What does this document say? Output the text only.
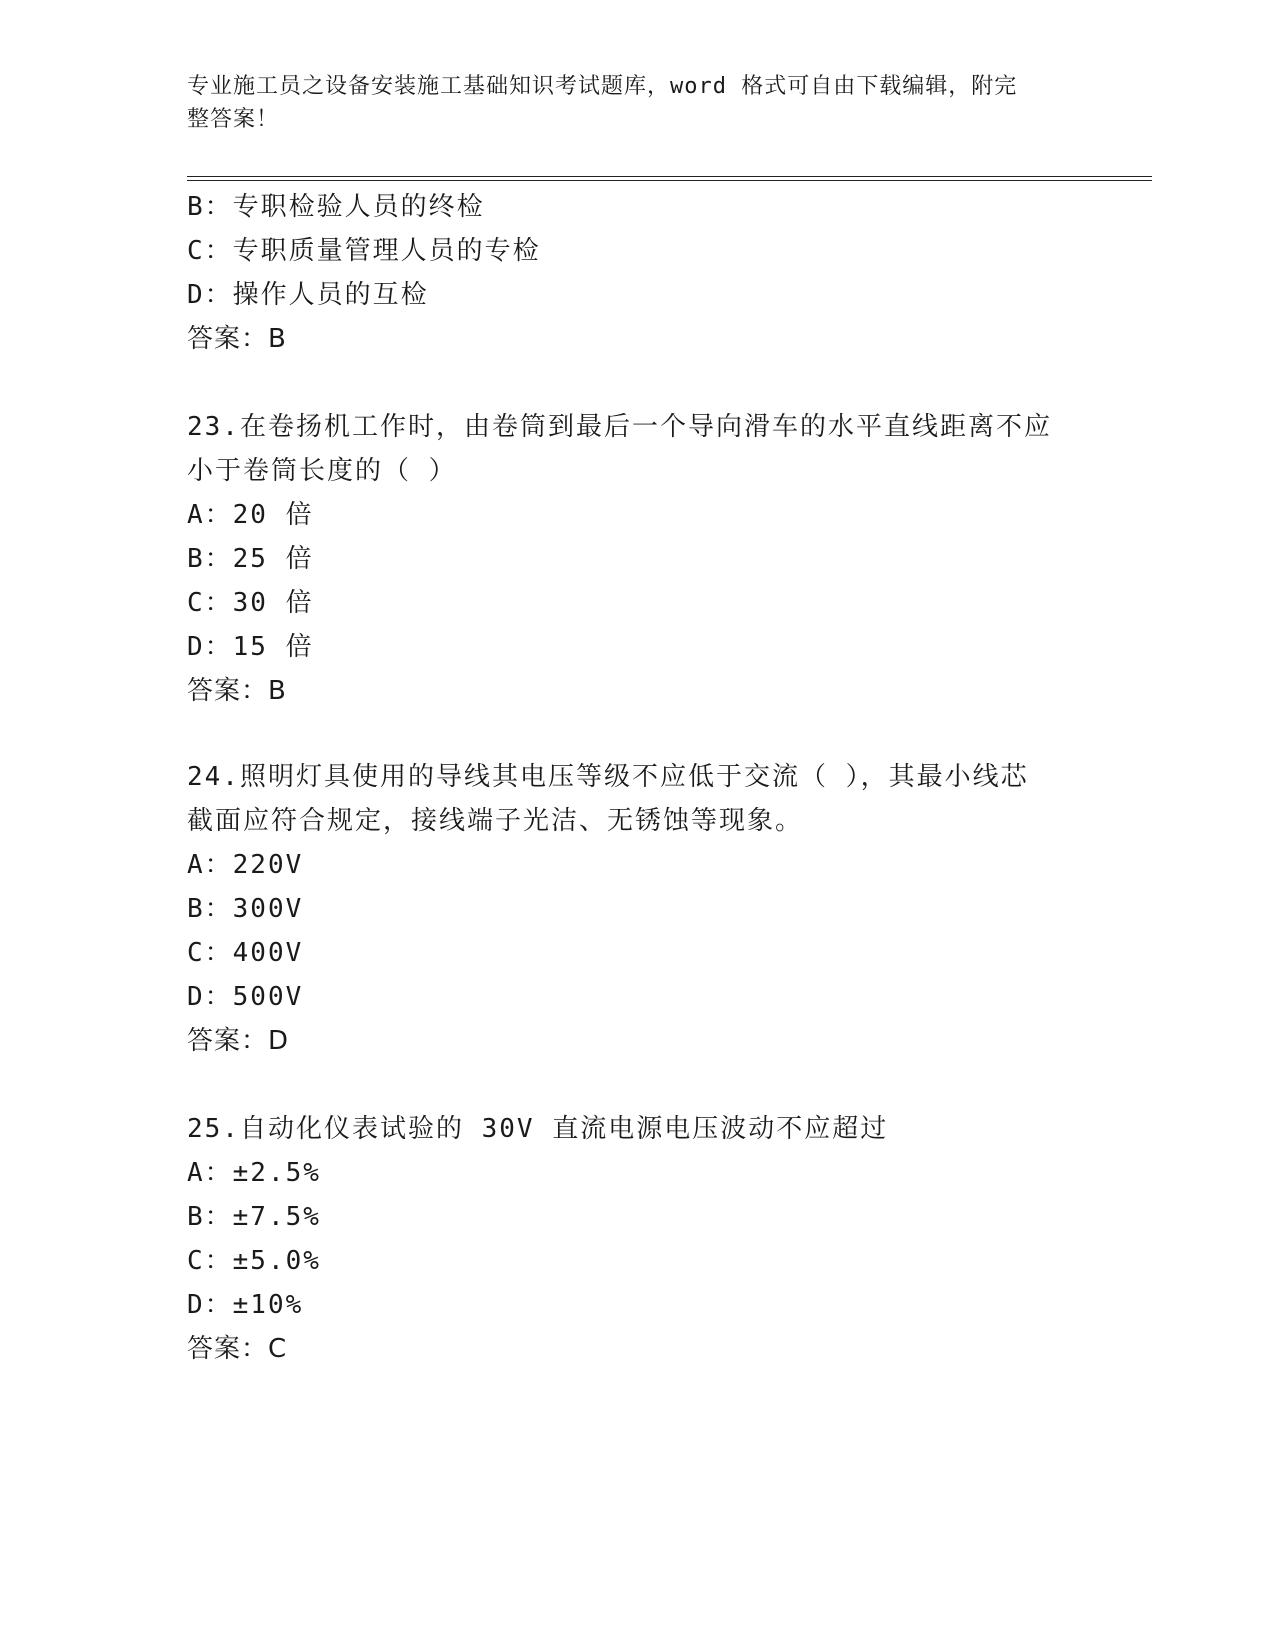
专业施工员之设备安装施工基础知识考试题库，word 格式可自由下载编辑，附完
整答案！
B：专职检验人员的终检
C：专职质量管理人员的专检
D：操作人员的互检
答案：B
23.在卷扬机工作时，由卷筒到最后一个导向滑车的水平直线距离不应
小于卷筒长度的（ ）
A：20 倍
B：25 倍
C：30 倍
D：15 倍
答案：B
24.照明灯具使用的导线其电压等级不应低于交流（ ），其最小线芯
截面应符合规定，接线端子光洁、无锈蚀等现象。
A：220V
B：300V
C：400V
D：500V
答案：D
25.自动化仪表试验的 30V 直流电源电压波动不应超过
A：±2.5%
B：±7.5%
C：±5.0%
D：±10%
答案：C
